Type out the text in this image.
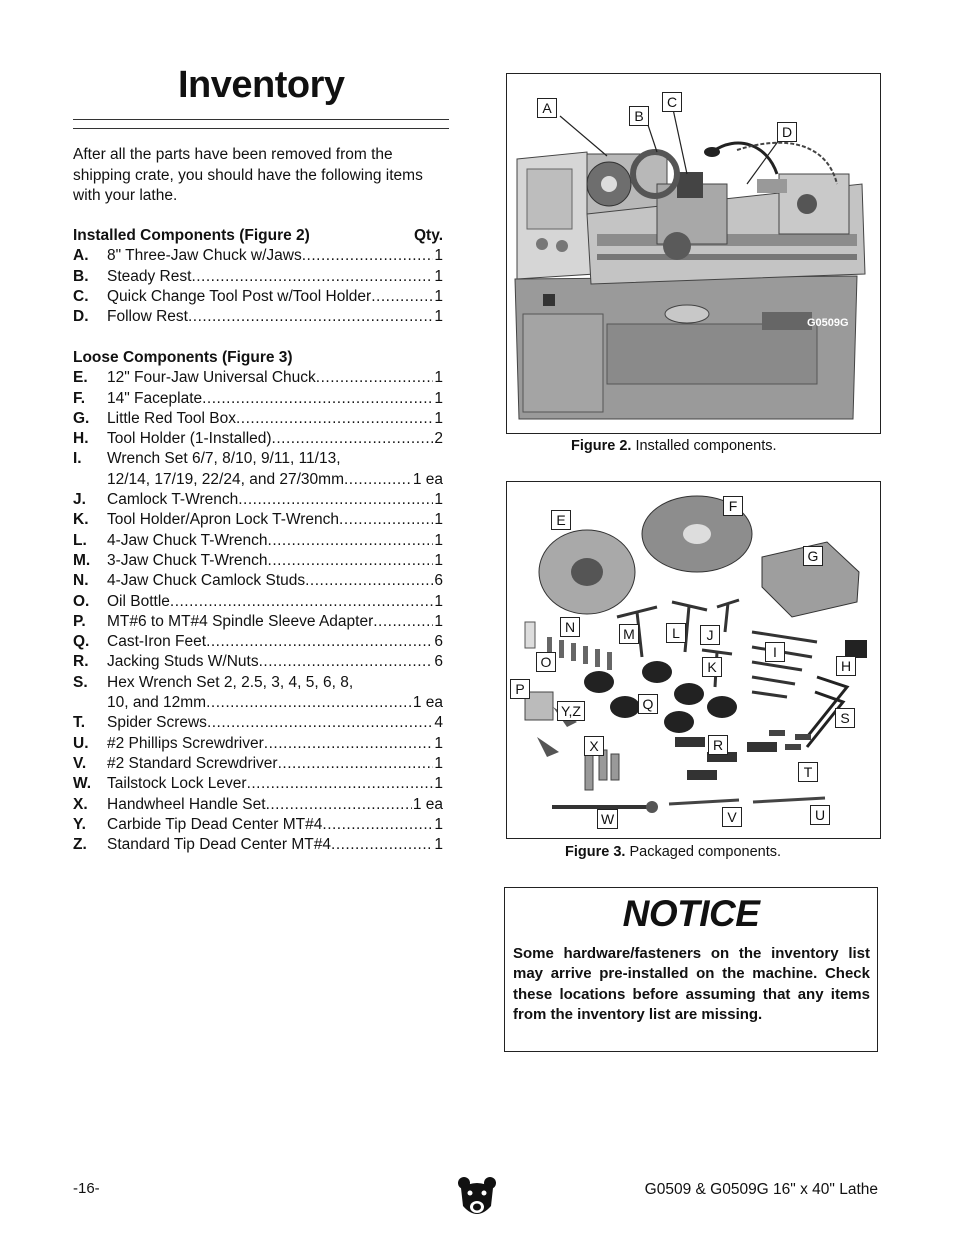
Inventory

After all the parts have been removed from the shipping crate, you should have the following items with your lathe.

Installed Components (Figure 2)	Qty.
A.	8" Three-Jaw Chuck w/Jaws .....	1
B.	Steady Rest .....	1
C.	Quick Change Tool Post w/Tool Holder .....	1
D.	Follow Rest .....	1
Loose Components (Figure 3)
E.	12" Four-Jaw Universal Chuck .....	1
F.	14" Faceplate .....	1
G.	Little Red Tool Box .....	1
H.	Tool Holder (1-Installed) .....	2
I.	Wrench Set 6/7, 8/10, 9/11, 11/13,
12/14, 17/19, 22/24, and 27/30mm .....	1 ea
J.	Camlock T-Wrench .....	1
K.	Tool Holder/Apron Lock T-Wrench .....	1
L.	4-Jaw Chuck T-Wrench .....	1
M.	3-Jaw Chuck T-Wrench .....	1
N.	4-Jaw Chuck Camlock Studs .....	6
O.	Oil Bottle .....	1
P.	MT#6 to MT#4 Spindle Sleeve Adapter .....	1
Q.	Cast-Iron Feet .....	6
R.	Jacking Studs W/Nuts .....	6
S.	Hex Wrench Set 2, 2.5, 3, 4, 5, 6, 8,
10, and 12mm .....	1 ea
T.	Spider Screws .....	4
U.	#2 Phillips Screwdriver .....	1
V.	#2 Standard Screwdriver .....	1
W.	Tailstock Lock Lever .....	1
X.	Handwheel Handle Set .....	1 ea
Y.	Carbide Tip Dead Center MT#4 .....	1
Z.	Standard Tip Dead Center MT#4 .....	1
G0509G
A	B
C
D
Figure 2. Installed components.
E
F
G
N	M	L	J
I
O	K	H
P
Y,Z	Q
S
X	R
T
W	V	U
Figure 3. Packaged components.
NOTICE
Some hardware/fasteners on the inventory list may arrive pre-installed on the machine. Check these locations before assuming that any items from the inventory list are missing.
-16-	G0509 & G0509G 16" x 40" Lathe
